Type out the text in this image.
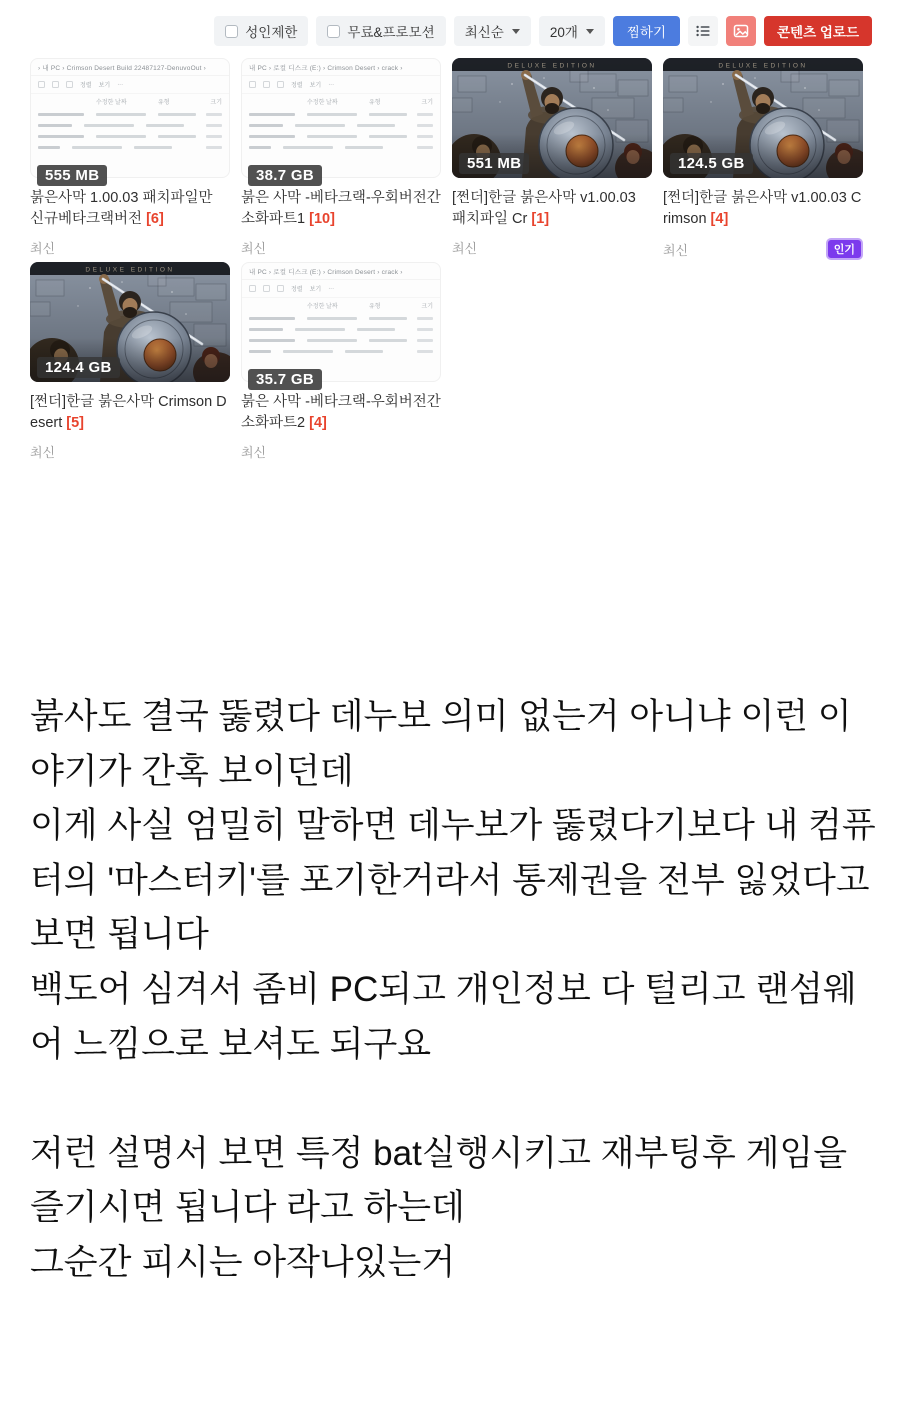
성인제한	무료&프로모션 최신순	20개	찜하기	콘텐츠 업로드
› 내 PC › Crimson Desert Build 22487127-DenuvoOut ›
정렬 보기 ···
수정한 날짜	유형	크기
555 MB
붉은사막 1.00.03 패치파일만 신규베타크랙버전 [6]
최신
내 PC › 로컬 디스크 (E:) › Crimson Desert › crack ›
정렬 보기 ···
수정한 날짜	유형	크기
38.7 GB
붉은 사막 -베타크랙-우회버전간소화파트1 [10]
최신
551 MB
[쩐더]한글 붉은사막 v1.00.03 패치파일 Cr [1]
최신
124.5 GB
[쩐더]한글 붉은사막 v1.00.03 Crimson [4]
최신	인기
124.4 GB
[쩐더]한글 붉은사막 Crimson Desert [5]
최신
내 PC › 로컬 디스크 (E:) › Crimson Desert › crack ›
정렬 보기 ···
수정한 날짜	유형	크기
35.7 GB
붉은 사막 -베타크랙-우회버전간소화파트2 [4]
최신

붉사도 결국 뚫렸다 데누보 의미 없는거 아니냐 이런 이야기가 간혹 보이던데

이게 사실 엄밀히 말하면 데누보가 뚫렸다기보다 내 컴퓨터의 '마스터키'를 포기한거라서 통제권을 전부 잃었다고 보면 됩니다

백도어 심겨서 좀비 PC되고 개인정보 다 털리고 랜섬웨어 느낌으로 보셔도 되구요

저런 설명서 보면 특정 bat실행시키고 재부팅후 게임을 즐기시면 됩니다 라고 하는데

그순간 피시는 아작나있는거
